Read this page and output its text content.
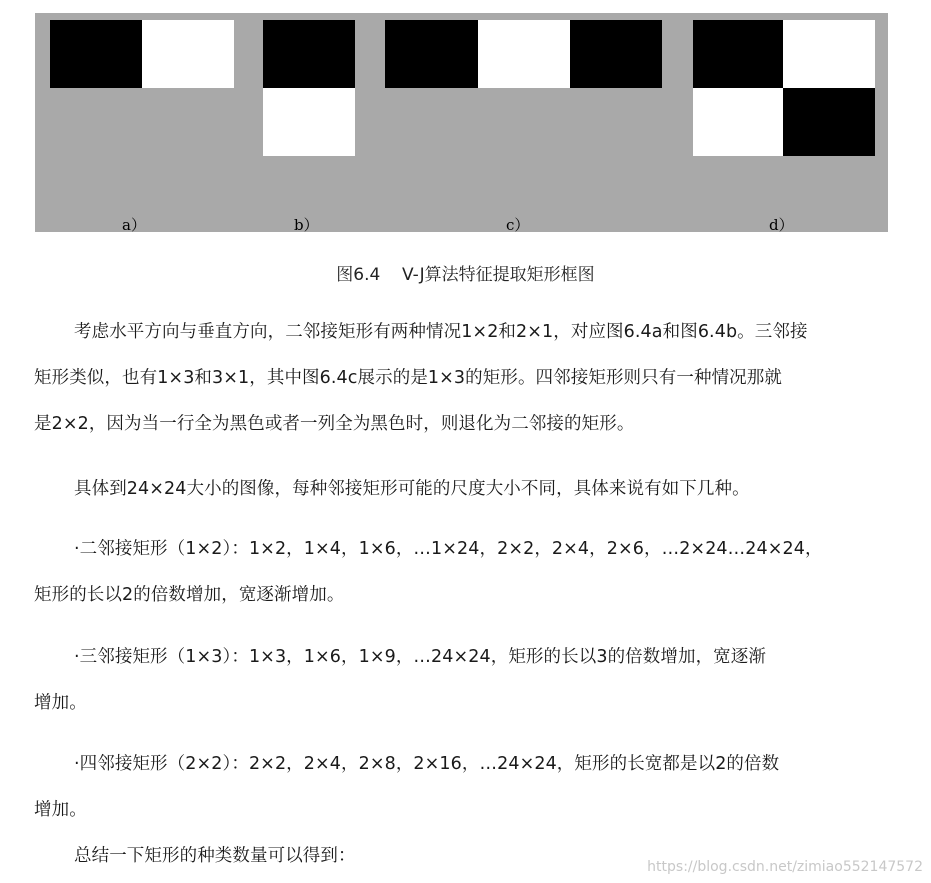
a）	b）	c）	d）
图6.4    V-J算法特征提取矩形框图
考虑水平方向与垂直方向，二邻接矩形有两种情况1×2和2×1，对应图6.4a和图6.4b。三邻接
矩形类似，也有1×3和3×1，其中图6.4c展示的是1×3的矩形。四邻接矩形则只有一种情况那就
是2×2，因为当一行全为黑色或者一列全为黑色时，则退化为二邻接的矩形。
具体到24×24大小的图像，每种邻接矩形可能的尺度大小不同，具体来说有如下几种。
·二邻接矩形（1×2）：1×2，1×4，1×6，…1×24，2×2，2×4，2×6，…2×24…24×24，
矩形的长以2的倍数增加，宽逐渐增加。
·三邻接矩形（1×3）：1×3，1×6，1×9，…24×24，矩形的长以3的倍数增加，宽逐渐
增加。
·四邻接矩形（2×2）：2×2，2×4，2×8，2×16，…24×24，矩形的长宽都是以2的倍数
增加。
总结一下矩形的种类数量可以得到：
https://blog.csdn.net/zimiao552147572
